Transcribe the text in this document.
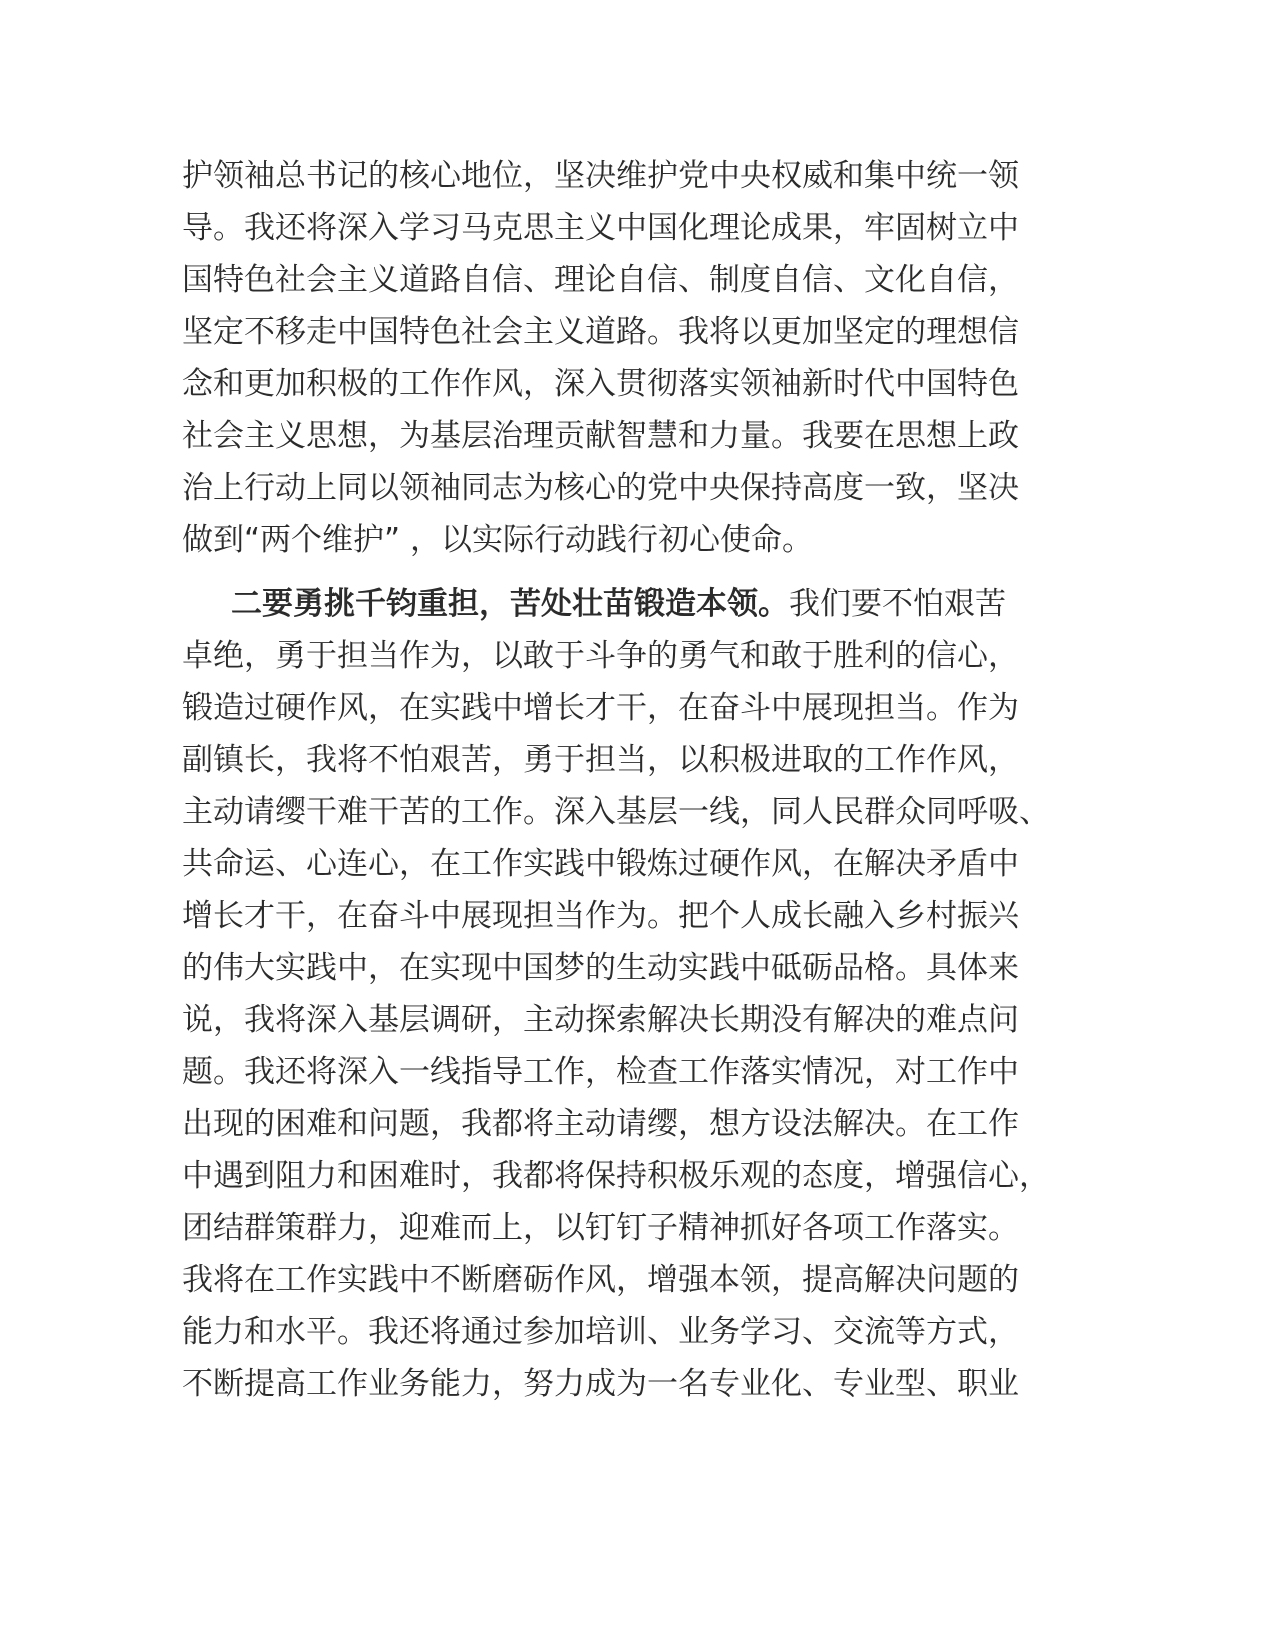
护领袖总书记的核心地位，坚决维护党中央权威和集中统一领
导。我还将深入学习马克思主义中国化理论成果，牢固树立中
国特色社会主义道路自信、理论自信、制度自信、文化自信，
坚定不移走中国特色社会主义道路。我将以更加坚定的理想信
念和更加积极的工作作风，深入贯彻落实领袖新时代中国特色
社会主义思想，为基层治理贡献智慧和力量。我要在思想上政
治上行动上同以领袖同志为核心的党中央保持高度一致，坚决
做到“两个维护” ，以实际行动践行初心使命。
二要勇挑千钧重担，苦处壮苗锻造本领。我们要不怕艰苦
卓绝，勇于担当作为，以敢于斗争的勇气和敢于胜利的信心，
锻造过硬作风，在实践中增长才干，在奋斗中展现担当。作为
副镇长，我将不怕艰苦，勇于担当，以积极进取的工作作风，
主动请缨干难干苦的工作。深入基层一线，同人民群众同呼吸、
共命运、心连心，在工作实践中锻炼过硬作风，在解决矛盾中
增长才干，在奋斗中展现担当作为。把个人成长融入乡村振兴
的伟大实践中，在实现中国梦的生动实践中砥砺品格。具体来
说，我将深入基层调研，主动探索解决长期没有解决的难点问
题。我还将深入一线指导工作，检查工作落实情况，对工作中
出现的困难和问题，我都将主动请缨，想方设法解决。在工作
中遇到阻力和困难时，我都将保持积极乐观的态度，增强信心，
团结群策群力，迎难而上，以钉钉子精神抓好各项工作落实。
我将在工作实践中不断磨砺作风，增强本领，提高解决问题的
能力和水平。我还将通过参加培训、业务学习、交流等方式，
不断提高工作业务能力，努力成为一名专业化、专业型、职业
